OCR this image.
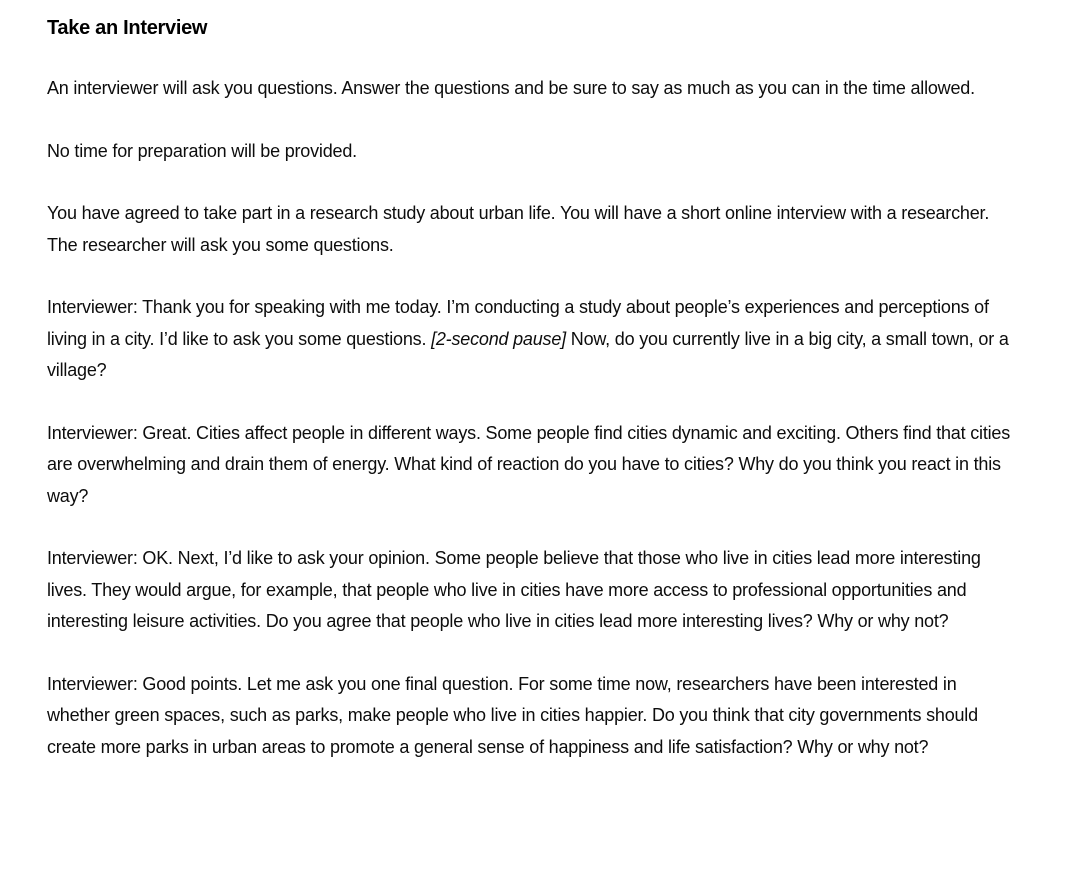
Take an Interview

An interviewer will ask you questions. Answer the questions and be sure to say as much as you can in the time allowed.

No time for preparation will be provided.

You have agreed to take part in a research study about urban life. You will have a short online interview with a researcher. The researcher will ask you some questions.

Interviewer: Thank you for speaking with me today. I’m conducting a study about people’s experiences and perceptions of living in a city. I’d like to ask you some questions. [2-second pause] Now, do you currently live in a big city, a small town, or a village?

Interviewer: Great. Cities affect people in different ways. Some people find cities dynamic and exciting. Others find that cities are overwhelming and drain them of energy. What kind of reaction do you have to cities? Why do you think you react in this way?

Interviewer: OK. Next, I’d like to ask your opinion. Some people believe that those who live in cities lead more interesting lives. They would argue, for example, that people who live in cities have more access to professional opportunities and interesting leisure activities. Do you agree that people who live in cities lead more interesting lives? Why or why not?

Interviewer: Good points. Let me ask you one final question. For some time now, researchers have been interested in whether green spaces, such as parks, make people who live in cities happier. Do you think that city governments should create more parks in urban areas to promote a general sense of happiness and life satisfaction? Why or why not?
